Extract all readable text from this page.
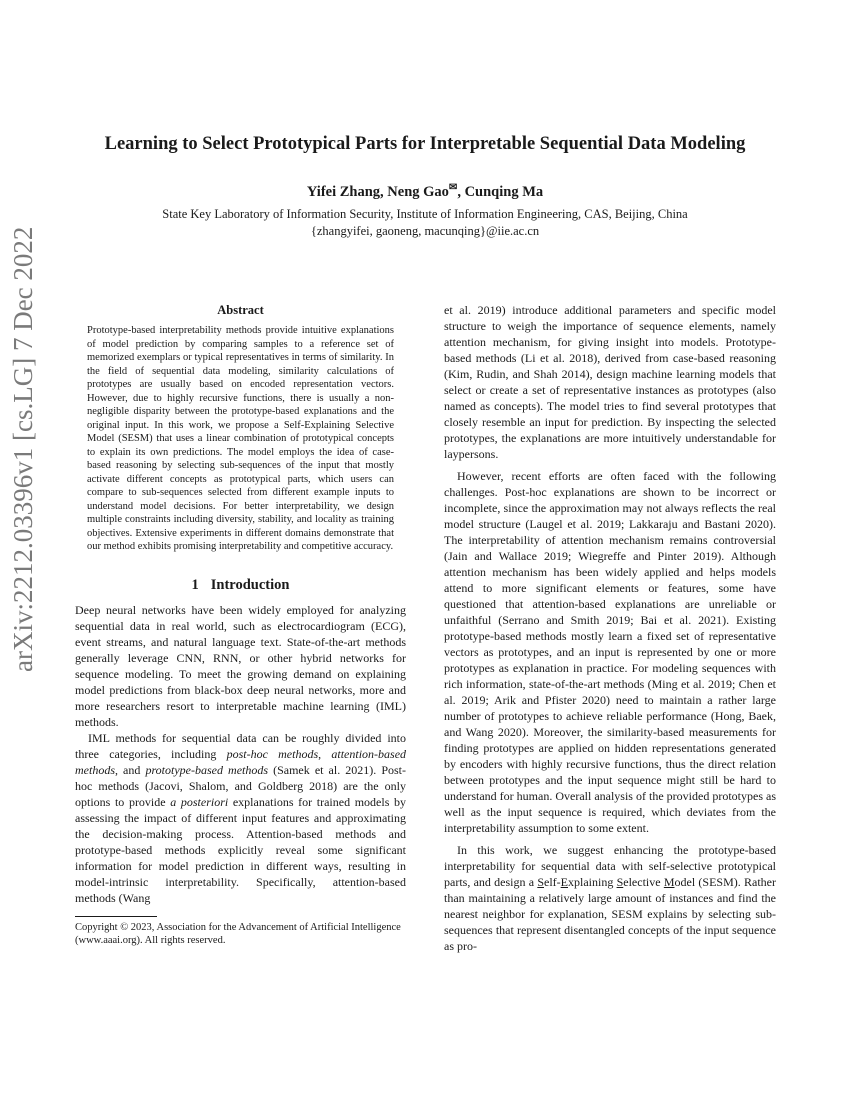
arXiv:2212.03396v1 [cs.LG] 7 Dec 2022
Learning to Select Prototypical Parts for Interpretable Sequential Data Modeling
Yifei Zhang, Neng Gao✉, Cunqing Ma
State Key Laboratory of Information Security, Institute of Information Engineering, CAS, Beijing, China
{zhangyifei, gaoneng, macunqing}@iie.ac.cn
Abstract

Prototype-based interpretability methods provide intuitive explanations of model prediction by comparing samples to a reference set of memorized exemplars or typical representatives in terms of similarity. In the field of sequential data modeling, similarity calculations of prototypes are usually based on encoded representation vectors. However, due to highly recursive functions, there is usually a non-negligible disparity between the prototype-based explanations and the original input. In this work, we propose a Self-Explaining Selective Model (SESM) that uses a linear combination of prototypical concepts to explain its own predictions. The model employs the idea of case-based reasoning by selecting sub-sequences of the input that mostly activate different concepts as prototypical parts, which users can compare to sub-sequences selected from different example inputs to understand model decisions. For better interpretability, we design multiple constraints including diversity, stability, and locality as training objectives. Extensive experiments in different domains demonstrate that our method exhibits promising interpretability and competitive accuracy.

1 Introduction

Deep neural networks have been widely employed for analyzing sequential data in real world, such as electrocardiogram (ECG), event streams, and natural language text. State-of-the-art methods generally leverage CNN, RNN, or other hybrid networks for sequence modeling. To meet the growing demand on explaining model predictions from black-box deep neural networks, more and more researchers resort to interpretable machine learning (IML) methods.

IML methods for sequential data can be roughly divided into three categories, including post-hoc methods, attention-based methods, and prototype-based methods (Samek et al. 2021). Post-hoc methods (Jacovi, Shalom, and Goldberg 2018) are the only options to provide a posteriori explanations for trained models by assessing the impact of different input features and approximating the decision-making process. Attention-based methods and prototype-based methods explicitly reveal some significant information for model prediction in different ways, resulting in model-intrinsic interpretability. Specifically, attention-based methods (Wang

Copyright © 2023, Association for the Advancement of Artificial Intelligence (www.aaai.org). All rights reserved.

et al. 2019) introduce additional parameters and specific model structure to weigh the importance of sequence elements, namely attention mechanism, for giving insight into models. Prototype-based methods (Li et al. 2018), derived from case-based reasoning (Kim, Rudin, and Shah 2014), design machine learning models that select or create a set of representative instances as prototypes (also named as concepts). The model tries to find several prototypes that closely resemble an input for prediction. By inspecting the selected prototypes, the explanations are more intuitively understandable for laypersons.

However, recent efforts are often faced with the following challenges. Post-hoc explanations are shown to be incorrect or incomplete, since the approximation may not always reflects the real model structure (Laugel et al. 2019; Lakkaraju and Bastani 2020). The interpretability of attention mechanism remains controversial (Jain and Wallace 2019; Wiegreffe and Pinter 2019). Although attention mechanism has been widely applied and helps models attend to more significant elements or features, some have questioned that attention-based explanations are unreliable or unfaithful (Serrano and Smith 2019; Bai et al. 2021). Existing prototype-based methods mostly learn a fixed set of representative vectors as prototypes, and an input is represented by one or more prototypes as explanation in practice. For modeling sequences with rich information, state-of-the-art methods (Ming et al. 2019; Chen et al. 2019; Arik and Pfister 2020) need to maintain a rather large number of prototypes to achieve reliable performance (Hong, Baek, and Wang 2020). Moreover, the similarity-based measurements for finding prototypes are applied on hidden representations generated by encoders with highly recursive functions, thus the direct relation between prototypes and the input sequence might still be hard to understand for human. Overall analysis of the provided prototypes as well as the input sequence is required, which deviates from the interpretability assumption to some extent.

In this work, we suggest enhancing the prototype-based interpretability for sequential data with self-selective prototypical parts, and design a Self-Explaining Selective Model (SESM). Rather than maintaining a relatively large amount of instances and find the nearest neighbor for explanation, SESM explains by selecting sub-sequences that represent disentangled concepts of the input sequence as pro-
